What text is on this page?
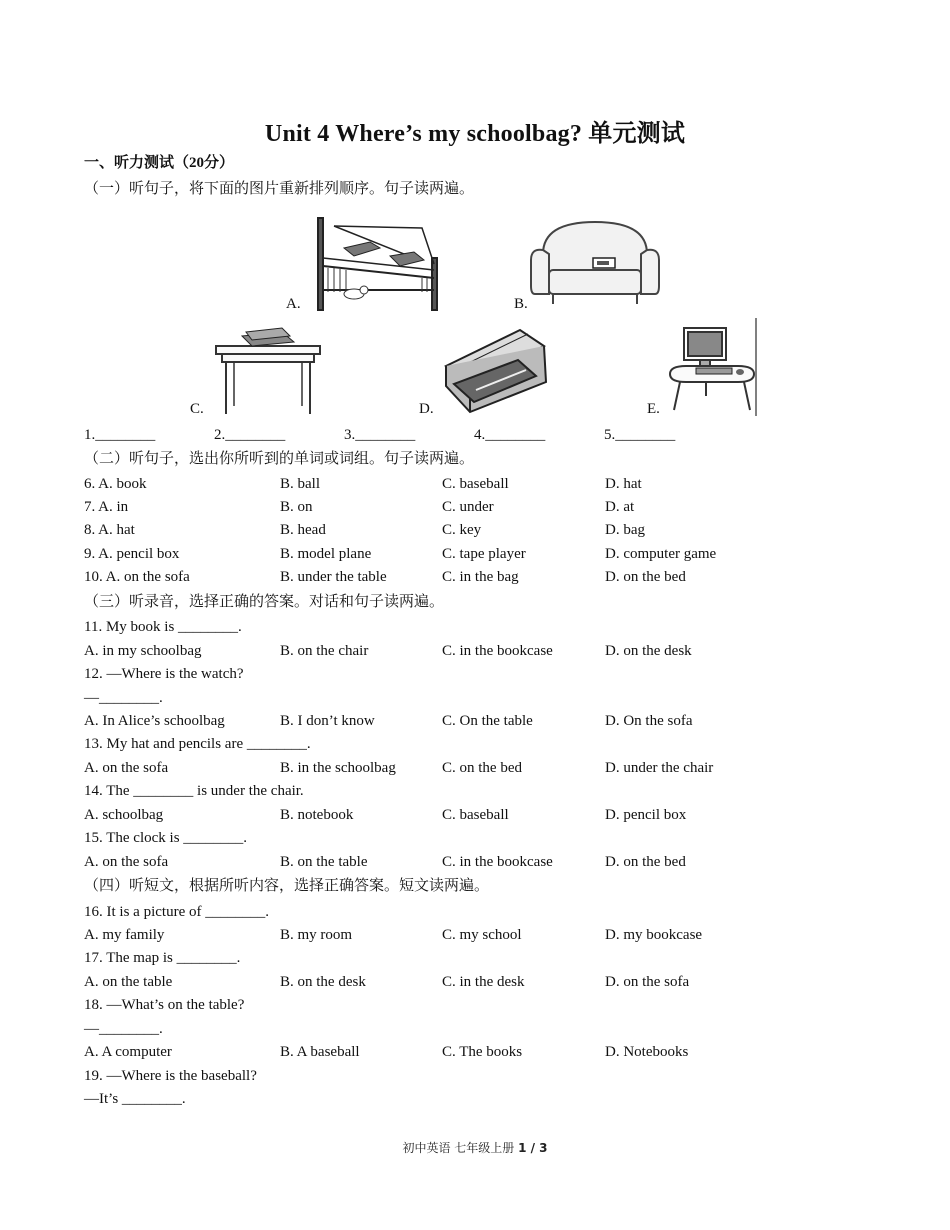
Unit 4 Where’s my schoolbag? 单元测试
一、听力测试（20分）
（一）听句子，将下面的图片重新排列顺序。句子读两遍。
A.	B.
C.	D.	E.
1.________	2.________	3.________	4.________	5.________
（二）听句子，选出你所听到的单词或词组。句子读两遍。
6. A. book	B. ball	C. baseball	D. hat
7. A. in	B. on	C. under	D. at
8. A. hat	B. head	C. key	D. bag
9. A. pencil box	B. model plane	C. tape player	D. computer game
10. A. on the sofa	B. under the table	C. in the bag	D. on the bed
（三）听录音，选择正确的答案。对话和句子读两遍。
11. My book is ________.
A. in my schoolbag	B. on the chair	C. in the bookcase	D. on the desk
12. —Where is the watch?
—________.
A. In Alice’s schoolbag	B. I don’t know	C. On the table	D. On the sofa
13. My hat and pencils are ________.
A. on the sofa	B. in the schoolbag	C. on the bed	D. under the chair
14. The ________ is under the chair.
A. schoolbag	B. notebook	C. baseball	D. pencil box
15. The clock is ________.
A. on the sofa	B. on the table	C. in the bookcase	D. on the bed
（四）听短文，根据所听内容，选择正确答案。短文读两遍。
16. It is a picture of ________.
A. my family	B. my room	C. my school	D. my bookcase
17. The map is ________.
A. on the table	B. on the desk	C. in the desk	D. on the sofa
18. —What’s on the table?
—________.
A. A computer	B. A baseball	C. The books	D. Notebooks
19. —Where is the baseball?
—It’s ________.
初中英语 七年级上册 1 / 3
